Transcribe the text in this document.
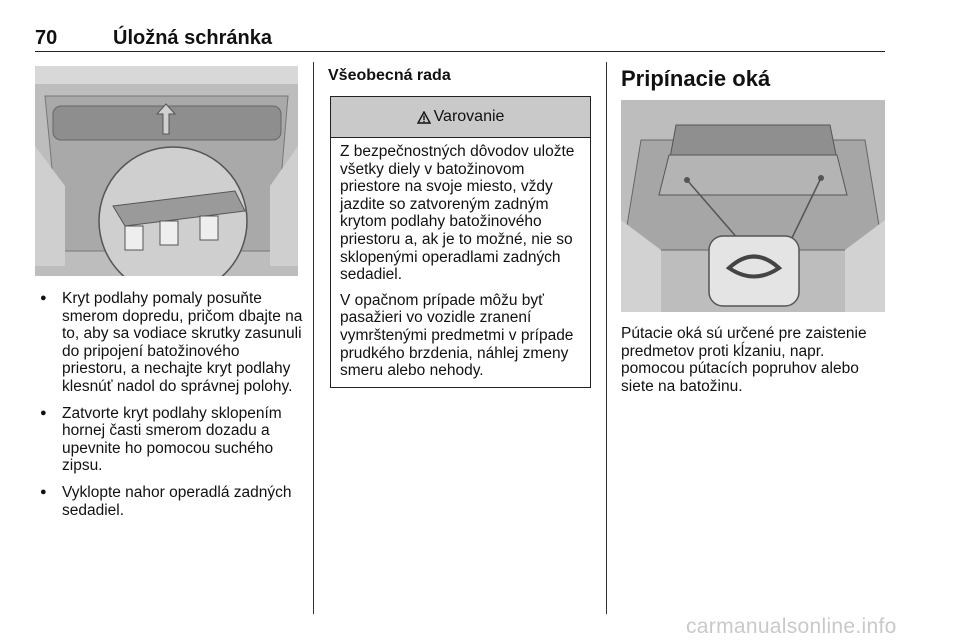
70	Úložná schránka
● Kryt podlahy pomaly posuňte smerom dopredu, pričom dbajte na to, aby sa vodiace skrutky zasunuli do pripojení batožinového priestoru, a nechajte kryt podlahy klesnúť nadol do správnej polohy.
● Zatvorte kryt podlahy sklopením hornej časti smerom dozadu a upevnite ho pomocou suchého zipsu.
● Vyklopte nahor operadlá zadných sedadiel.
Všeobecná rada
Varovanie

Z bezpečnostných dôvodov uložte všetky diely v batožinovom priestore na svoje miesto, vždy jazdite so zatvoreným zadným krytom podlahy batožinového priestoru a, ak je to možné, nie so sklopenými operadlami zadných sedadiel.

V opačnom prípade môžu byť pasažieri vo vozidle zranení vymrštenými predmetmi v prípade prudkého brzdenia, náhlej zmeny smeru alebo nehody.

Pripínacie oká

Pútacie oká sú určené pre zaistenie predmetov proti kĺzaniu, napr. pomocou pútacích popruhov alebo siete na batožinu.

carmanualsonline.info
